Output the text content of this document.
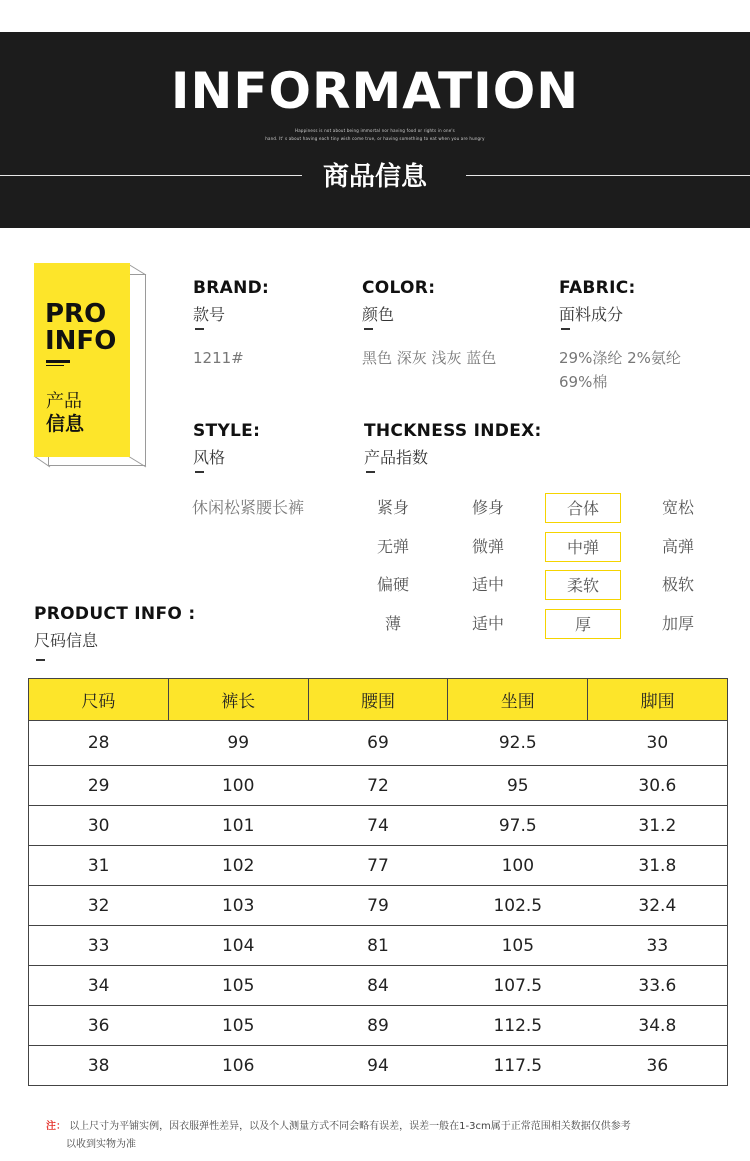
INFORMATION
Happiness is not about being immortal nor having food or rights in one's
hand. It' s about having each tiny wish come true, or having something to eat when you are hungry
商品信息
PRO
INFO
产品
信息
BRAND:
款号
1211#
COLOR:
颜色
黑色 深灰 浅灰 蓝色
FABRIC:
面料成分
29%涤纶 2%氨纶
69%棉
STYLE:
风格
休闲松紧腰长裤
THCKNESS INDEX:
产品指数
紧身	修身	合体	宽松
无弹	微弹	中弹	高弹
偏硬	适中	柔软	极软
薄	适中	厚	加厚
PRODUCT INFO :
尺码信息
尺码	裤长	腰围	坐围	脚围
28	99	69	92.5	30
29	100	72	95	30.6
30	101	74	97.5	31.2
31	102	77	100	31.8
32	103	79	102.5	32.4
33	104	81	105	33
34	105	84	107.5	33.6
36	105	89	112.5	34.8
38	106	94	117.5	36
注： 以上尺寸为平铺实例，因衣服弹性差异，以及个人测量方式不同会略有误差，误差一般在1-3cm属于正常范围相关数据仅供参考
以收到实物为准
